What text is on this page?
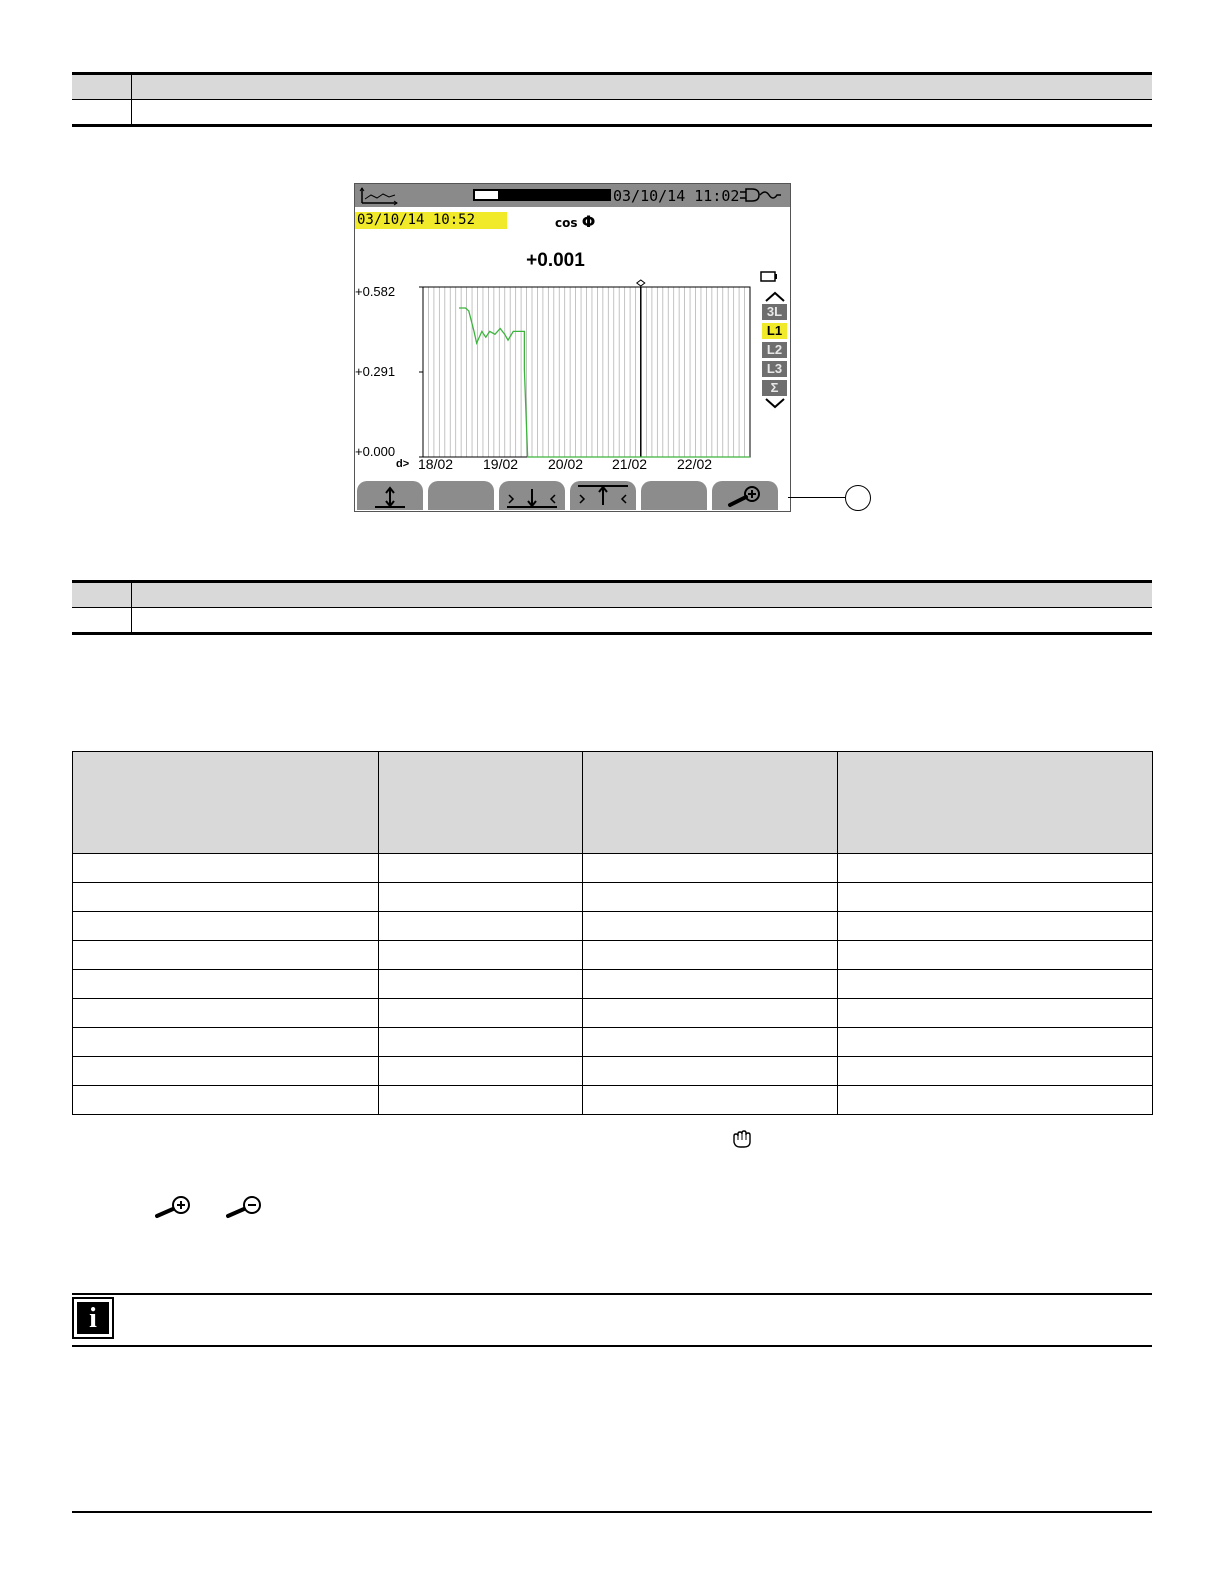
03/10/14 11:02
03/10/14 10:52	cos Φ
+0.001
+0.582
+0.291
+0.000
d> 18/02 19/02 20/02 21/02 22/02
3L
L1
L2
L3
Σ

i
